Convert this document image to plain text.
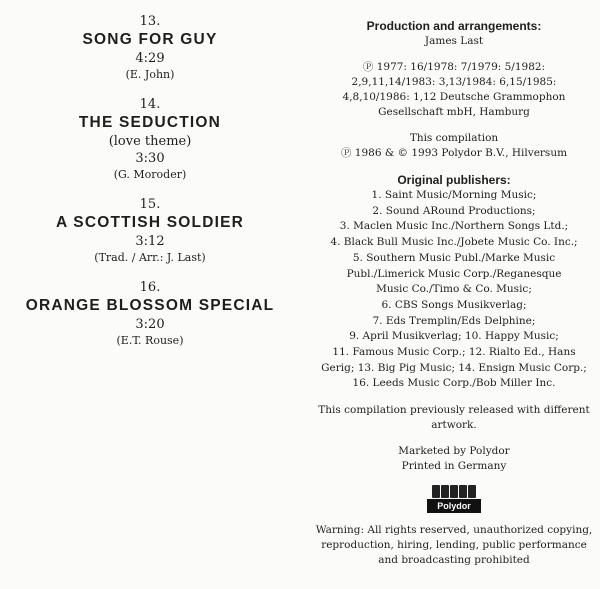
13.
SONG FOR GUY
4:29
(E. John)
14.
THE SEDUCTION
(love theme)
3:30
(G. Moroder)
15.
A SCOTTISH SOLDIER
3:12
(Trad. / Arr.: J. Last)
16.
ORANGE BLOSSOM SPECIAL
3:20
(E.T. Rouse)
Production and arrangements:
James Last
Ⓟ 1977: 16/1978: 7/1979: 5/1982:
2,9,11,14/1983: 3,13/1984: 6,15/1985:
4,8,10/1986: 1,12 Deutsche Grammophon
Gesellschaft mbH, Hamburg
This compilation
Ⓟ 1986 & © 1993 Polydor B.V., Hilversum
Original publishers:
1. Saint Music/Morning Music;
2. Sound ARound Productions;
3. Maclen Music Inc./Northern Songs Ltd.;
4. Black Bull Music Inc./Jobete Music Co. Inc.;
5. Southern Music Publ./Marke Music
Publ./Limerick Music Corp./Reganesque
Music Co./Timo & Co. Music;
6. CBS Songs Musikverlag;
7. Eds Tremplin/Eds Delphine;
9. April Musikverlag; 10. Happy Music;
11. Famous Music Corp.; 12. Rialto Ed., Hans
Gerig; 13. Big Pig Music; 14. Ensign Music Corp.;
16. Leeds Music Corp./Bob Miller Inc.
This compilation previously released with different
artwork.
Marketed by Polydor
Printed in Germany
Polydor
Warning: All rights reserved, unauthorized copying,
reproduction, hiring, lending, public performance
and broadcasting prohibited
